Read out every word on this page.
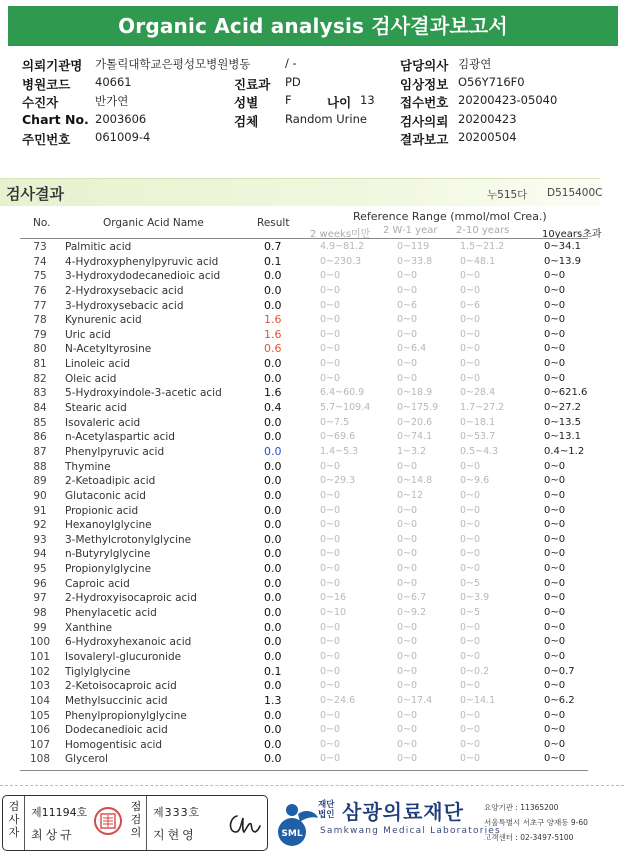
Organic Acid analysis 검사결과보고서
의뢰기관명 가톨릭대학교은평성모병원병동	/ -	담당의사 김광연
병원코드 40661	진료과 PD	임상정보 O56Y716F0
수진자	반가연	성별 F	나이 13 접수번호 20200423-05040
Chart No. 2003606	검체 Random Urine	검사의뢰 20200423
주민번호 061009-4	결과보고 20200504
검사결과	누515다 D515400C
No.	Organic Acid Name	Result	Reference Range (mmol/mol Crea.)
2 weeks미만 2 W-1 year 2-10 years	10years초과
73	Palmitic acid	0.7	4.9~81.2	0~119	1.5~21.2	0~34.1
74	4-Hydroxyphenylpyruvic acid	0.1	0~230.3	0~33.8	0~48.1	0~13.9
75	3-Hydroxydodecanedioic acid	0.0	0~0	0~0	0~0	0~0
76	2-Hydroxysebacic acid	0.0	0~0	0~0	0~0	0~0
77	3-Hydroxysebacic acid	0.0	0~0	0~6	0~6	0~0
78	Kynurenic acid	1.6	0~0	0~0	0~0	0~0
79	Uric acid	1.6	0~0	0~0	0~0	0~0
80	N-Acetyltyrosine	0.6	0~0	0~6.4	0~0	0~0
81	Linoleic acid	0.0	0~0	0~0	0~0	0~0
82	Oleic acid	0.0	0~0	0~0	0~0	0~0
83	5-Hydroxyindole-3-acetic acid	1.6	6.4~60.9	0~18.9	0~28.4	0~621.6
84	Stearic acid	0.4	5.7~109.4	0~175.9 1.7~27.2	0~27.2
85	Isovaleric acid	0.0	0~7.5	0~20.6	0~18.1	0~13.5
86	n-Acetylaspartic acid	0.0	0~69.6	0~74.1	0~53.7	0~13.1
87	Phenylpyruvic acid	0.0	1.4~5.3	1~3.2	0.5~4.3	0.4~1.2
88	Thymine	0.0	0~0	0~0	0~0	0~0
89	2-Ketoadipic acid	0.0	0~29.3	0~14.8	0~9.6	0~0
90	Glutaconic acid	0.0	0~0	0~12	0~0	0~0
91	Propionic acid	0.0	0~0	0~0	0~0	0~0
92	Hexanoylglycine	0.0	0~0	0~0	0~0	0~0
93	3-Methylcrotonylglycine	0.0	0~0	0~0	0~0	0~0
94	n-Butyrylglycine	0.0	0~0	0~0	0~0	0~0
95	Propionylglycine	0.0	0~0	0~0	0~0	0~0
96	Caproic acid	0.0	0~0	0~0	0~5	0~0
97	2-Hydroxyisocaproic acid	0.0	0~16	0~6.7	0~3.9	0~0
98	Phenylacetic acid	0.0	0~10	0~9.2	0~5	0~0
99	Xanthine	0.0	0~0	0~0	0~0	0~0
100 6-Hydroxyhexanoic acid	0.0	0~0	0~0	0~0	0~0
101 Isovaleryl-glucuronide	0.0	0~0	0~0	0~0	0~0
102 Tiglylglycine	0.1	0~0	0~0	0~0.2	0~0.7
103 2-Ketoisocaproic acid	0.0	0~0	0~0	0~0	0~0
104 Methylsuccinic acid	1.3	0~24.6	0~17.4	0~14.1	0~6.2
105 Phenylpropionylglycine	0.0	0~0	0~0	0~0	0~0
106 Dodecanedioic acid	0.0	0~0	0~0	0~0	0~0
107 Homogentisic acid	0.0	0~0	0~0	0~0	0~0
108 Glycerol	0.0	0~0	0~0	0~0	0~0
검사자
제11194호
최상규
점검의
제333호
지현영	SML
재단법인 삼광의료재단
Samkwang Medical Laboratories
요양기관 : 11365200
서울특별시 서초구 양재동 9-60
고객센터 : 02-3497-5100
